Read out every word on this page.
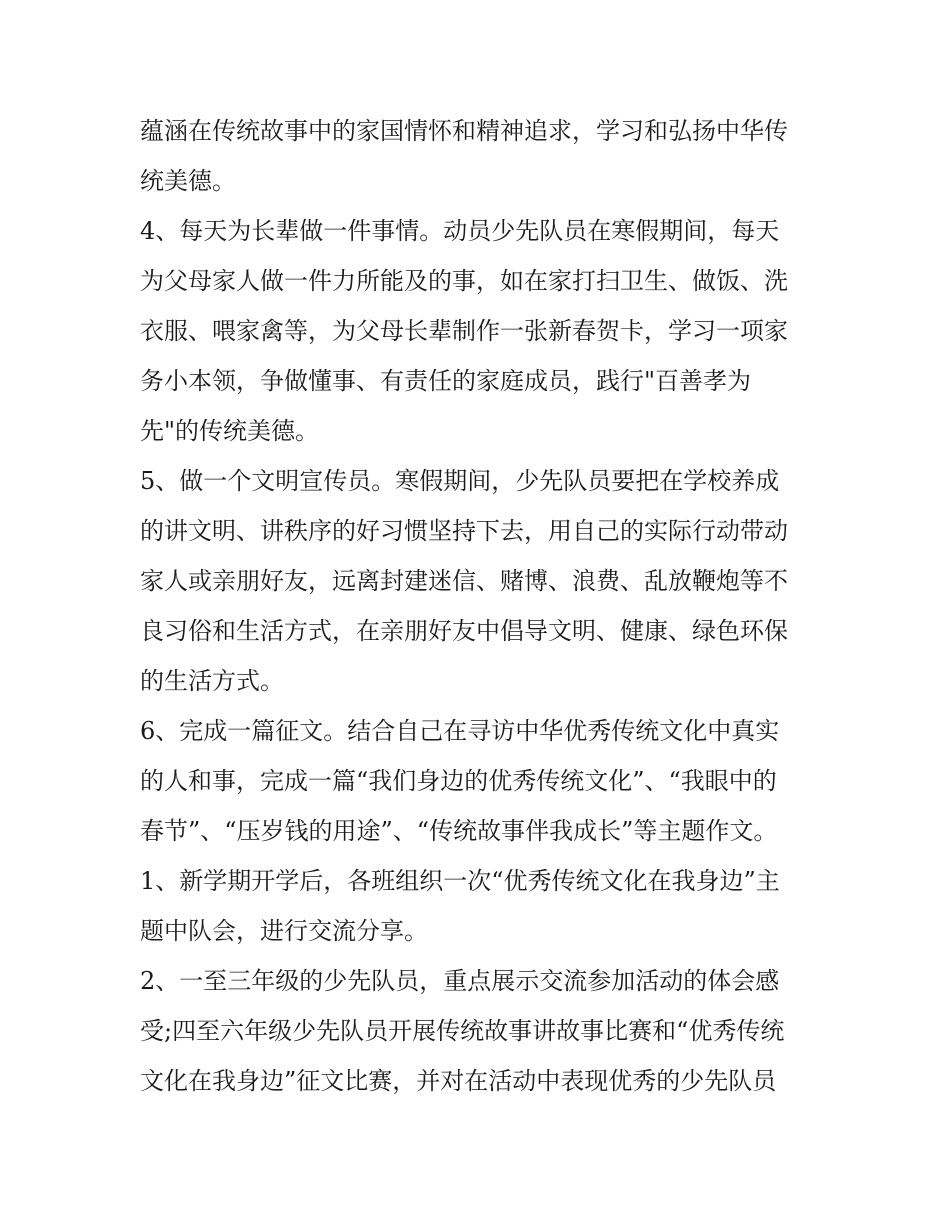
蕴涵在传统故事中的家国情怀和精神追求，学习和弘扬中华传
统美德。
4、每天为长辈做一件事情。动员少先队员在寒假期间，每天
为父母家人做一件力所能及的事，如在家打扫卫生、做饭、洗
衣服、喂家禽等，为父母长辈制作一张新春贺卡，学习一项家
务小本领，争做懂事、有责任的家庭成员，践行"百善孝为
先"的传统美德。
5、做一个文明宣传员。寒假期间，少先队员要把在学校养成
的讲文明、讲秩序的好习惯坚持下去，用自己的实际行动带动
家人或亲朋好友，远离封建迷信、赌博、浪费、乱放鞭炮等不
良习俗和生活方式，在亲朋好友中倡导文明、健康、绿色环保
的生活方式。
6、完成一篇征文。结合自己在寻访中华优秀传统文化中真实
的人和事，完成一篇“我们身边的优秀传统文化”、“我眼中的
春节”、“压岁钱的用途”、“传统故事伴我成长”等主题作文。
1、新学期开学后，各班组织一次“优秀传统文化在我身边”主
题中队会，进行交流分享。
2、一至三年级的少先队员，重点展示交流参加活动的体会感
受;四至六年级少先队员开展传统故事讲故事比赛和“优秀传统
文化在我身边”征文比赛，并对在活动中表现优秀的少先队员
